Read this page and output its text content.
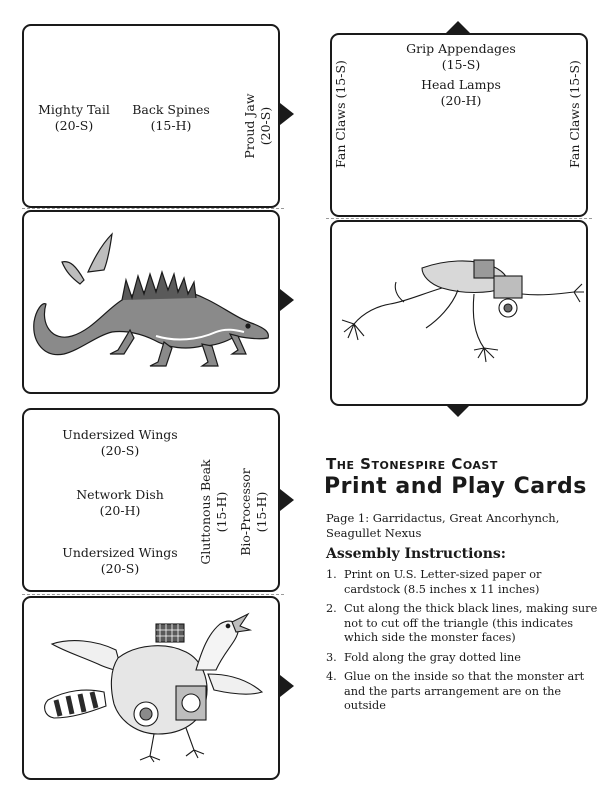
Mighty Tail
(20-S)
Back Spines
(15-H)	Proud Jaw
(20-S)
Grip Appendages
(15-S)
Head Lamps
(20-H)
Fan Claws (15-S)	Fan Claws (15-S)
Undersized Wings
(20-S)
Network Dish
(20-H)
Undersized Wings
(20-S)
Gluttonous Beak
(15-H) Bio-Processor
(15-H)
The Stonespire Coast
Print and Play Cards
Page 1: Garridactus, Great Ancorhynch,
Seagullet Nexus
Assembly Instructions:
1. Print on U.S. Letter-sized paper or cardstock (8.5 inches x 11 inches)
2. Cut along the thick black lines, making sure not to cut off the triangle (this indicates which side the monster faces)
3. Fold along the gray dotted line
4. Glue on the inside so that the monster art and the parts arrangement are on the outside
